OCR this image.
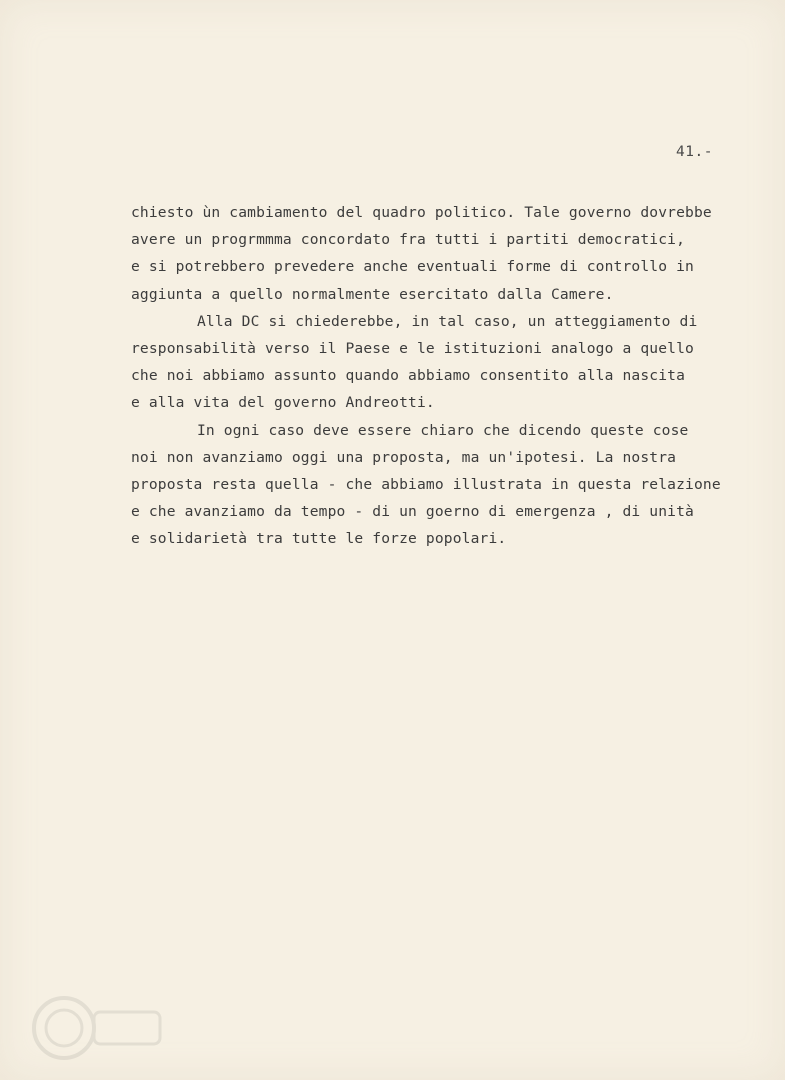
41.-
chiesto ùn cambiamento del quadro politico. Tale governo dovrebbe
avere un progrmmma concordato fra tutti i partiti democratici,
e si potrebbero prevedere anche eventuali forme di controllo in
aggiunta a quello normalmente esercitato dalla Camere.
Alla DC si chiederebbe, in tal caso, un atteggiamento di
responsabilità verso il Paese e le istituzioni analogo a quello
che noi abbiamo assunto quando abbiamo consentito alla nascita
e alla vita del governo Andreotti.
In ogni caso deve essere chiaro che dicendo queste cose
noi non avanziamo oggi una proposta, ma un'ipotesi. La nostra
proposta resta quella - che abbiamo illustrata in questa relazione
e che avanziamo da tempo - di un goerno di emergenza , di unità
e solidarietà tra tutte le forze popolari.
